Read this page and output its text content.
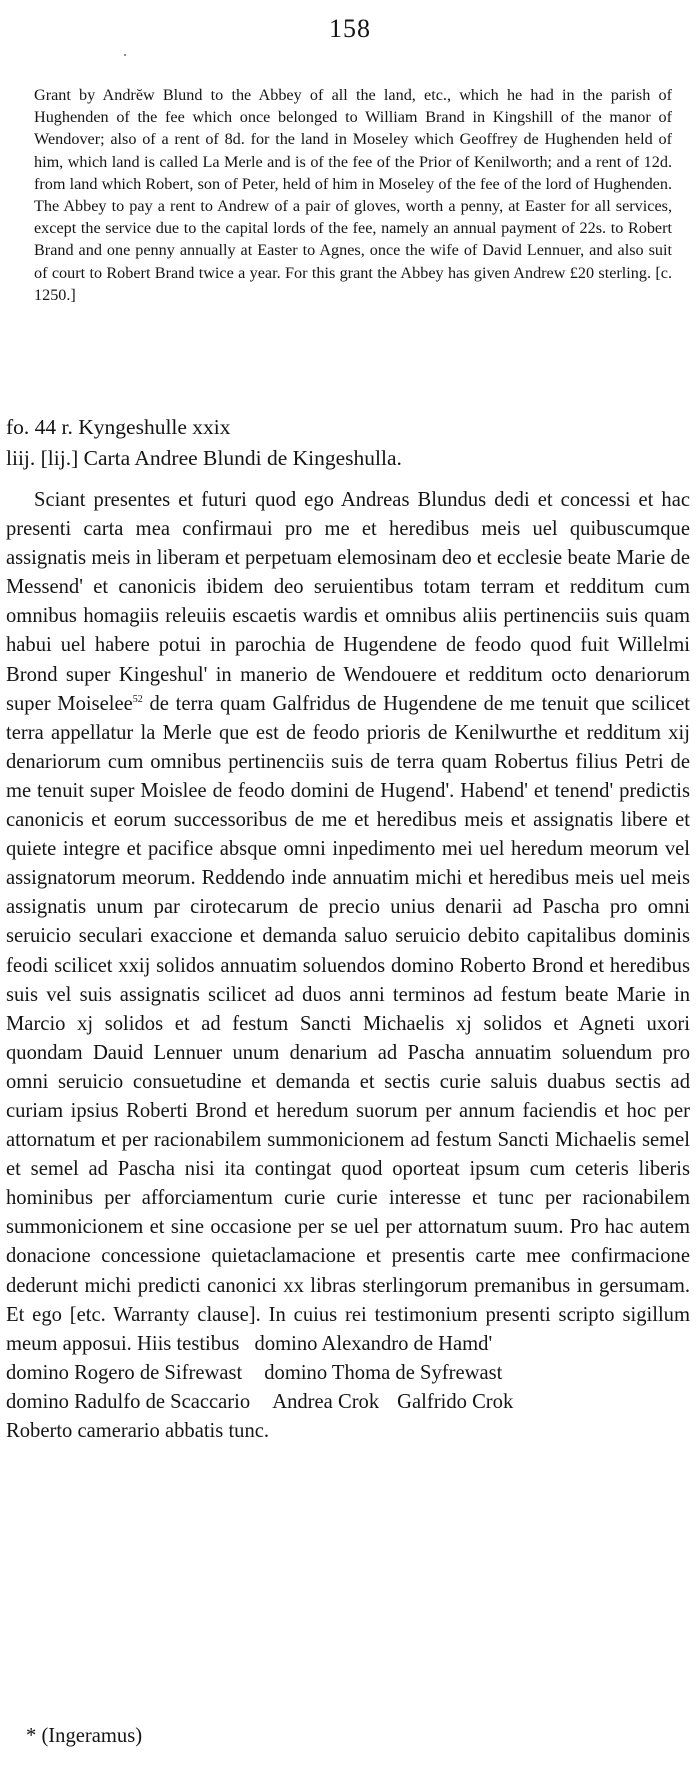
158

Grant by Andrĕw Blund to the Abbey of all the land, etc., which he had in the parish of Hughenden of the fee which once belonged to William Brand in Kingshill of the manor of Wendover; also of a rent of 8d. for the land in Moseley which Geoffrey de Hughenden held of him, which land is called La Merle and is of the fee of the Prior of Kenilworth; and a rent of 12d. from land which Robert, son of Peter, held of him in Moseley of the fee of the lord of Hughenden. The Abbey to pay a rent to Andrew of a pair of gloves, worth a penny, at Easter for all services, except the service due to the capital lords of the fee, namely an annual payment of 22s. to Robert Brand and one penny annually at Easter to Agnes, once the wife of David Lennuer, and also suit of court to Robert Brand twice a year. For this grant the Abbey has given Andrew £20 sterling. [c. 1250.]

fo. 44 r. Kyngeshulle xxix
liij. [lij.] Carta Andree Blundi de Kingeshulla.

Sciant presentes et futuri quod ego Andreas Blundus dedi et concessi et hac presenti carta mea confirmaui pro me et heredibus meis uel quibuscumque assignatis meis in liberam et perpetuam elemosinam deo et ecclesie beate Marie de Messend' et canonicis ibidem deo seruientibus totam terram et redditum cum omnibus homagiis releuiis escaetis wardis et omnibus aliis pertinenciis suis quam habui uel habere potui in parochia de Hugendene de feodo quod fuit Willelmi Brond super Kingeshul' in manerio de Wendouere et redditum octo denariorum super Moiselee$^{52}$ de terra quam Galfridus de Hugendene de me tenuit que scilicet terra appellatur la Merle que est de feodo prioris de Kenilwurthe et redditum xij denariorum cum omnibus pertinenciis suis de terra quam Robertus filius Petri de me tenuit super Moislee de feodo domini de Hugend'. Habend' et tenend' predictis canonicis et eorum successoribus de me et heredibus meis et assignatis libere et quiete integre et pacifice absque omni inpedimento mei uel heredum meorum vel assignatorum meorum. Reddendo inde annuatim michi et heredibus meis uel meis assignatis unum par cirotecarum de precio unius denarii ad Pascha pro omni seruicio seculari exaccione et demanda saluo seruicio debito capitalibus dominis feodi scilicet xxij solidos annuatim soluendos domino Roberto Brond et heredibus suis vel suis assignatis scilicet ad duos anni terminos ad festum beate Marie in Marcio xj solidos et ad festum Sancti Michaelis xj solidos et Agneti uxori quondam Dauid Lennuer unum denarium ad Pascha annuatim soluendum pro omni seruicio consuetudine et demanda et sectis curie saluis duabus sectis ad curiam ipsius Roberti Brond et heredum suorum per annum faciendis et hoc per attornatum et per racionabilem summonicionem ad festum Sancti Michaelis semel et semel ad Pascha nisi ita contingat quod oporteat ipsum cum ceteris liberis hominibus per afforciamentum curie curie interesse et tunc per racionabilem summonicionem et sine occasione per se uel per attornatum suum. Pro hac autem donacione concessione quietaclamacione et presentis carte mee confirmacione dederunt michi predicti canonici xx libras sterlingorum premanibus in gersumam. Et ego [etc. Warranty clause]. In cuius rei testimonium presenti scripto sigillum meum apposui. Hiis testibus domino Alexandro de Hamd'
domino Rogero de Sifrewast domino Thoma de Syfrewast
domino Radulfo de Scaccario Andrea Crok Galfrido Crok
Roberto camerario abbatis tunc.

* (Ingeramus)
